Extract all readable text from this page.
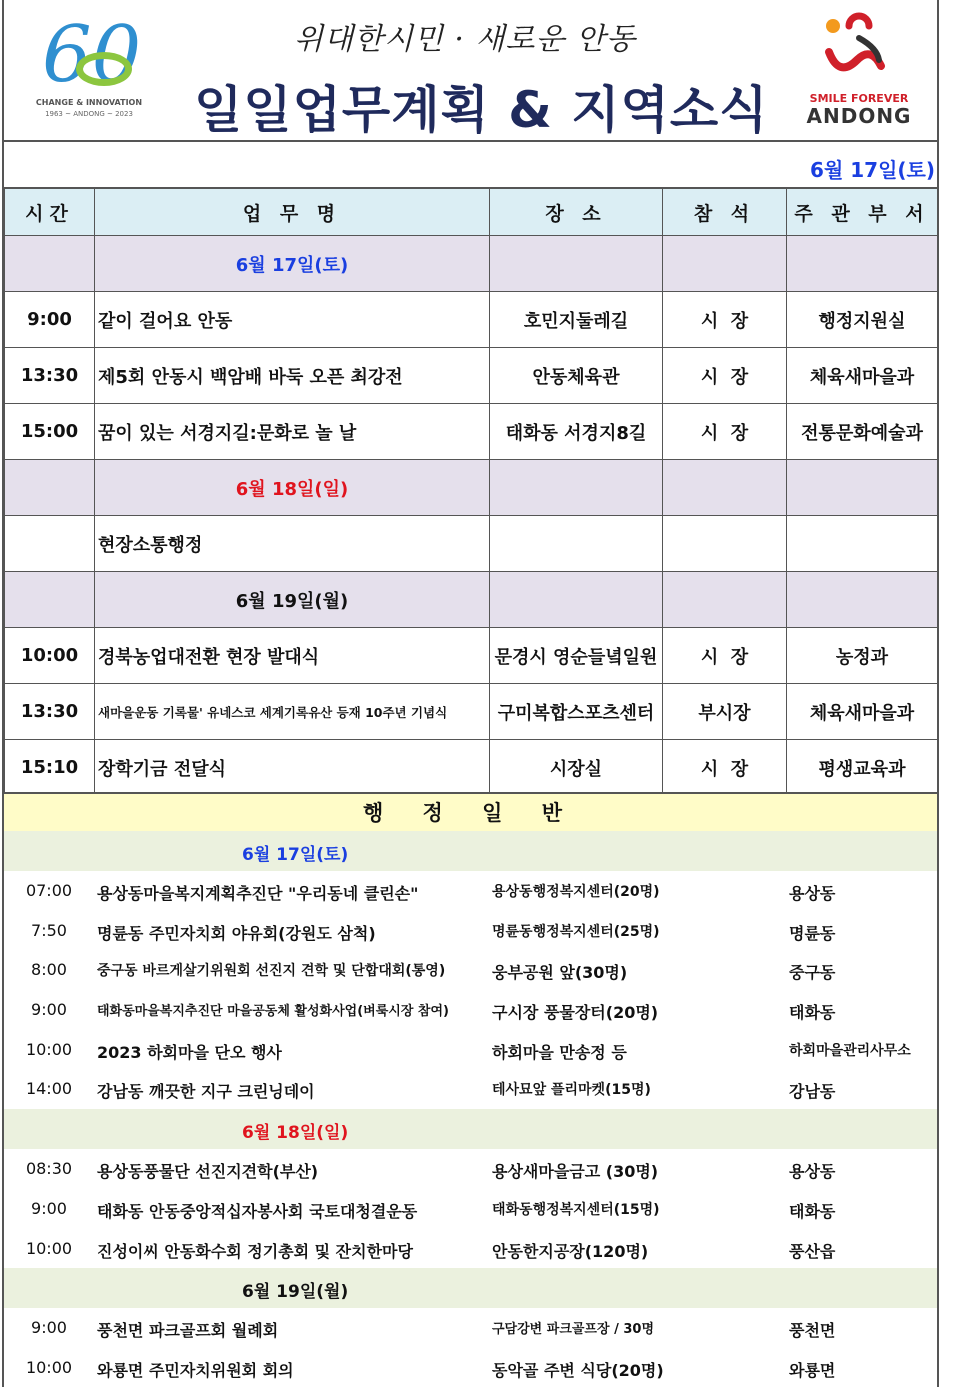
60
CHANGE & INNOVATION
1963 ~ ANDONG ~ 2023
위대한시민 · 새로운 안동
일일업무계획 & 지역소식	SMILE FOREVER
ANDONG
6월 17일(토)
시간	업 무 명	장 소	참 석	주 관 부 서
	6월 17일(토)			
9:00	같이 걸어요 안동	호민지둘레길	시  장	행정지원실
13:30	제5회 안동시 백암배 바둑 오픈 최강전	안동체육관	시  장	체육새마을과
15:00	꿈이 있는 서경지길:문화로 놀 날	태화동 서경지8길	시  장	전통문화예술과
	6월 18일(일)			
	현장소통행정			
	6월 19일(월)			
10:00	경북농업대전환 현장 발대식	문경시 영순들녘일원	시  장	농정과
13:30	새마을운동 기록물' 유네스코 세계기록유산 등재 10주년 기념식	구미복합스포츠센터	부시장	체육새마을과
15:10	장학기금 전달식	시장실	시  장	평생교육과
행 정 일 반
6월 17일(토)
07:00	용상동마을복지계획추진단 "우리동네 클린손"	용상동행정복지센터(20명)	용상동
7:50	명륜동 주민자치회 야유회(강원도 삼척)	명륜동행정복지센터(25명)	명륜동
8:00	중구동 바르게살기위원회 선진지 견학 및 단합대회(통영)	웅부공원 앞(30명)	중구동
9:00	태화동마을복지추진단 마을공동체 활성화사업(벼룩시장 참여)	구시장 풍물장터(20명)	태화동
10:00	2023 하회마을 단오 행사	하회마을 만송정 등	하회마을관리사무소
14:00	강남동 깨끗한 지구 크린닝데이	테사묘앞 플리마켓(15명)	강남동
6월 18일(일)
08:30	용상동풍물단 선진지견학(부산)	용상새마을금고 (30명)	용상동
9:00	태화동 안동중앙적십자봉사회 국토대청결운동	태화동행정복지센터(15명)	태화동
10:00	진성이씨 안동화수회 정기총회 및 잔치한마당	안동한지공장(120명)	풍산읍
6월 19일(월)
9:00	풍천면 파크골프회 월례회	구담강변 파크골프장 / 30명	풍천면
10:00	와룡면 주민자치위원회 회의	동악골 주변 식당(20명)	와룡면
